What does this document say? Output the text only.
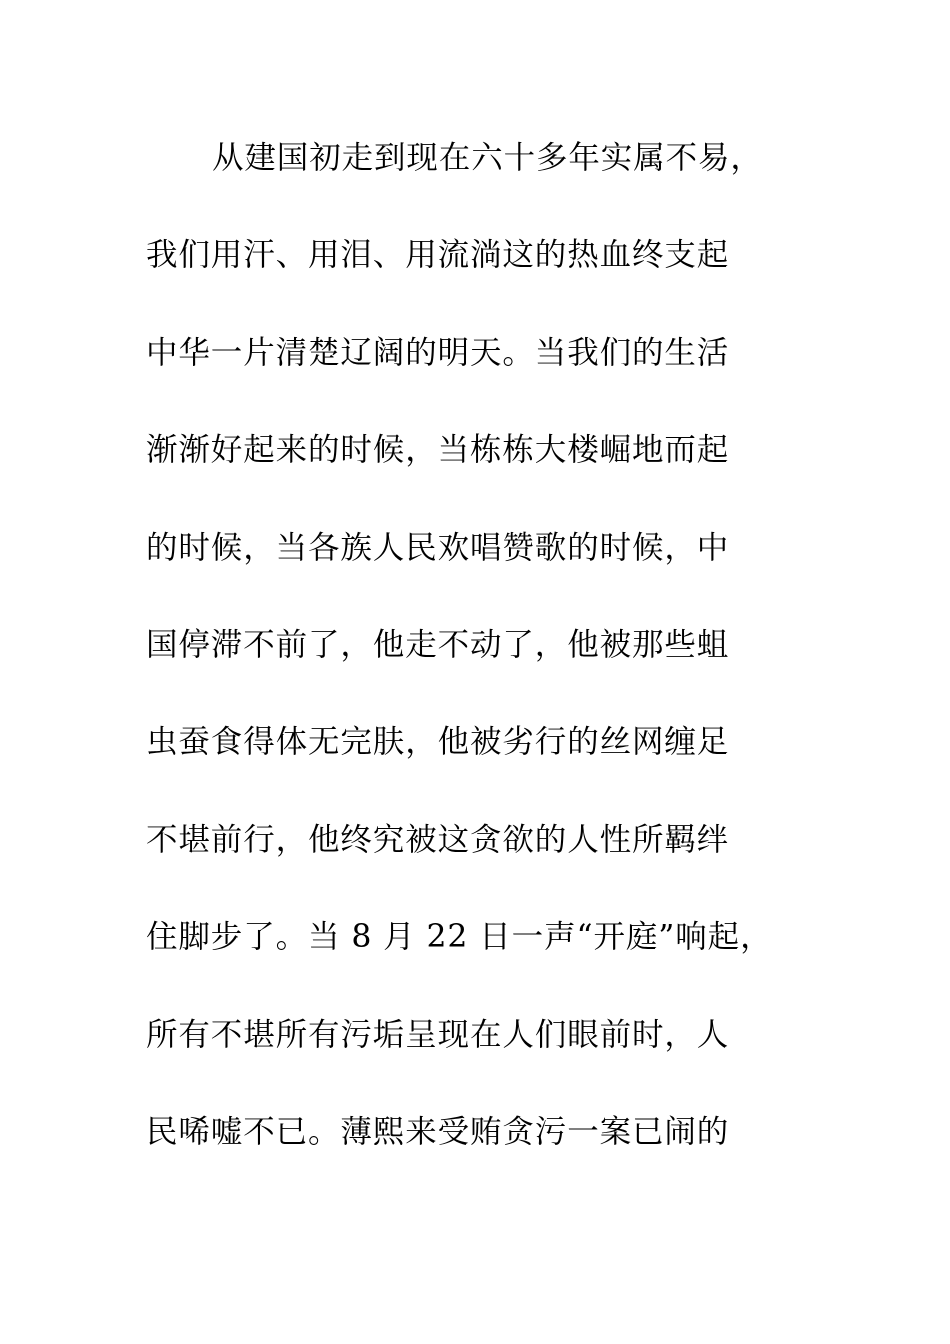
从建国初走到现在六十多年实属不易，
我们用汗、用泪、用流淌这的热血终支起
中华一片清楚辽阔的明天。当我们的生活
渐渐好起来的时候，当栋栋大楼崛地而起
的时候，当各族人民欢唱赞歌的时候，中
国停滞不前了，他走不动了，他被那些蛆
虫蚕食得体无完肤，他被劣行的丝网缠足
不堪前行，他终究被这贪欲的人性所羁绊
住脚步了。当 8 月 22 日一声“开庭”响起，
所有不堪所有污垢呈现在人们眼前时，人
民唏嘘不已。薄熙来受贿贪污一案已闹的
